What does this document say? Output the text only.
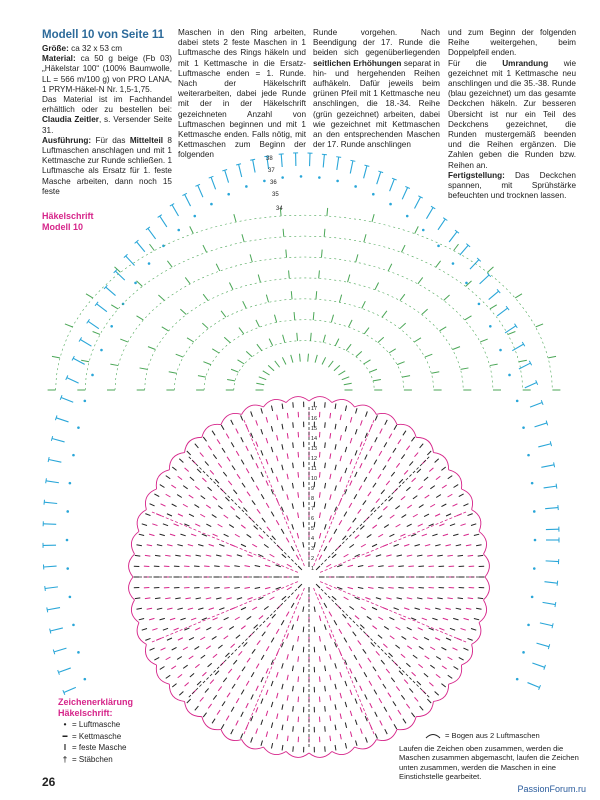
38
37
36
35
34
17
16
15
14
13
12
11
10
9
8
7
6
5
4
3
2
1
Modell 10 von Seite 11

Größe: ca 32 x 53 cm

Material: ca 50 g beige (Fb 03) „Häkelstar 100“ (100% Baumwolle, LL = 566 m/100 g) von PRO LANA, 1 PRYM-Häkel-N Nr. 1,5-1,75.

Das Material ist im Fachhandel erhältlich oder zu bestellen bei: Claudia Zeitler, s. Versender Seite 31.

Ausführung: Für das Mittelteil 8 Luftmaschen anschlagen und mit 1 Kettmasche zur Runde schließen. 1 Luftmasche als Ersatz für 1. feste Masche arbeiten, dann noch 15 feste

Maschen in den Ring arbeiten, dabei stets 2 feste Maschen in 1 Luftmasche des Rings häkeln und mit 1 Kettmasche in die Ersatz-Luftmasche enden = 1. Runde. Nach der Häkelschrift weiterarbeiten, dabei jede Runde mit der in der Häkelschrift gezeichneten Anzahl von Luftmaschen beginnen und mit 1 Kettmasche enden. Falls nötig, mit Kettmaschen zum Beginn der folgenden

Runde vorgehen. Nach Beendigung der 17. Runde die beiden sich gegenüberliegenden seitlichen Erhöhungen separat in hin- und hergehenden Reihen aufhäkeln. Dafür jeweils beim grünen Pfeil mit 1 Kettmasche neu anschlingen, die 18.-34. Reihe (grün gezeichnet) arbeiten, dabei wie gezeichnet mit Kettmaschen an den entsprechenden Maschen der 17. Runde anschlingen

und zum Beginn der folgenden Reihe weitergehen, beim Doppelpfeil enden.

Für die Umrandung wie gezeichnet mit 1 Kettmasche neu anschlingen und die 35.-38. Runde (blau gezeichnet) um das gesamte Deckchen häkeln. Zur besseren Übersicht ist nur ein Teil des Deckchens gezeichnet, die Runden mustergemäß beenden und die Reihen ergänzen. Die Zahlen geben die Runden bzw. Reihen an.

Fertigstellung: Das Deckchen spannen, mit Sprühstärke befeuchten und trocknen lassen.

Häkelschrift
Modell 10
Zeichenerklärung
Häkelschrift:
• = Luftmasche
▬ = Kettmasche
I = feste Masche
† = Stäbchen
= Bogen aus 2 Luftmaschen
Laufen die Zeichen oben zusammen, werden die Maschen zusammen abgemascht, laufen die Zeichen unten zusammen, werden die Maschen in eine Einstichstelle gearbeitet.
26	PassionForum.ru
